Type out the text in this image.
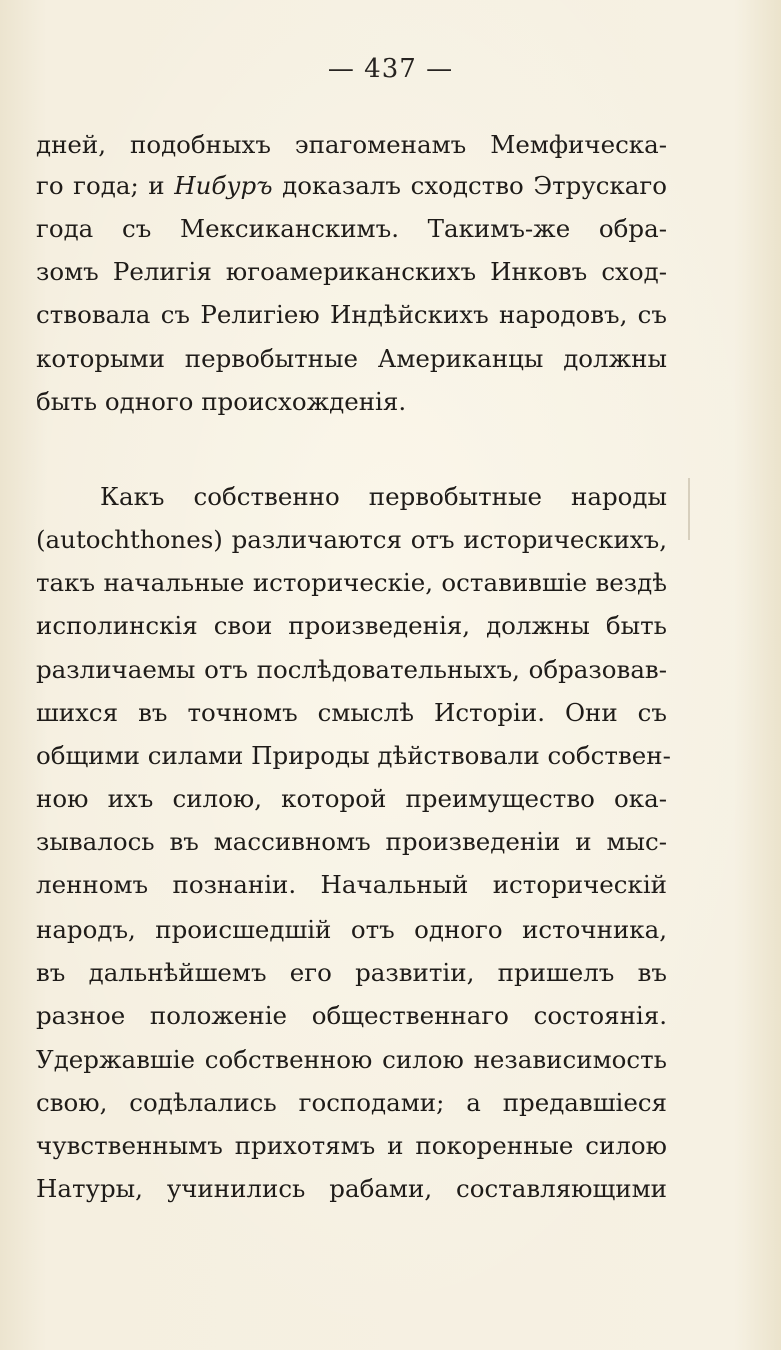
— 437 —
дней, подобныхъ эпагоменамъ Мемфическа-
го года; и Нибуръ доказалъ сходство Этрускаго
года съ Мексиканскимъ. Такимъ-же обра-
зомъ Религія югоамериканскихъ Инковъ сход-
ствовала съ Религіею Индѣйскихъ народовъ, съ
которыми первобытные Американцы должны
быть одного происхожденія.
Какъ собственно первобытные народы
(autochthones) различаются отъ историческихъ,
такъ начальные историческіе, оставившіе вездѣ
исполинскія свои произведенія, должны быть
различаемы отъ послѣдовательныхъ, образовав-
шихся въ точномъ смыслѣ Исторіи. Они съ
общими силами Природы дѣйствовали собствен-
ною ихъ силою, которой преимущество ока-
зывалось въ массивномъ произведеніи и мыс-
ленномъ познаніи. Начальный историческій
народъ, происшедшій отъ одного источника,
въ дальнѣйшемъ его развитіи, пришелъ въ
разное положеніе общественнаго состоянія.
Удержавшіе собственною силою независимость
свою, содѣлались господами; а предавшіеся
чувственнымъ прихотямъ и покоренные силою
Натуры, учинились рабами, составляющими
